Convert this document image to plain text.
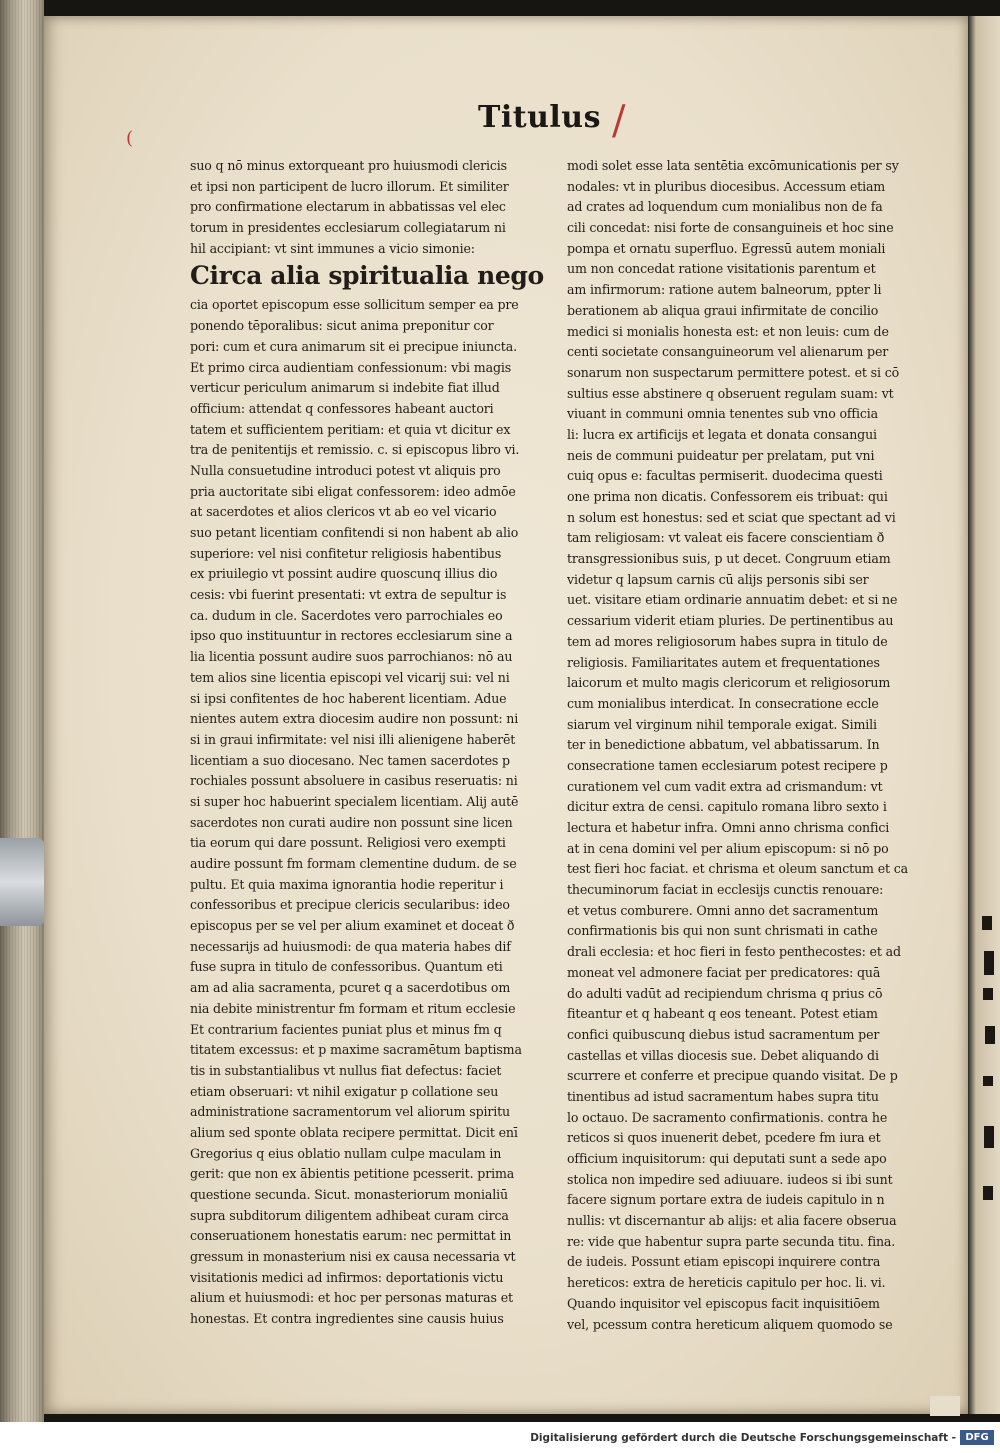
Titulus /
(
suo q nō minus extorqueant pro huiusmodi clericis
et ipsi non participent de lucro illorum. Et similiter
pro confirmatione electarum in abbatissas vel elec
torum in presidentes ecclesiarum collegiatarum ni
hil accipiant: vt sint immunes a vicio simonie:
Circa alia spiritualia nego
cia oportet episcopum esse sollicitum semper ea pre
ponendo tēporalibus: sicut anima preponitur cor
pori: cum et cura animarum sit ei precipue iniuncta.
Et primo circa audientiam confessionum: vbi magis
verticur periculum animarum si indebite fiat illud
officium: attendat q confessores habeant auctori
tatem et sufficientem peritiam: et quia vt dicitur ex
tra de penitentijs et remissio. c. si episcopus libro vi.
Nulla consuetudine introduci potest vt aliquis pro
pria auctoritate sibi eligat confessorem: ideo admōe
at sacerdotes et alios clericos vt ab eo vel vicario
suo petant licentiam confitendi si non habent ab alio
superiore: vel nisi confitetur religiosis habentibus
ex priuilegio vt possint audire quoscunq illius dio
cesis: vbi fuerint presentati: vt extra de sepultur is
ca. dudum in cle. Sacerdotes vero parrochiales eo
ipso quo instituuntur in rectores ecclesiarum sine a
lia licentia possunt audire suos parrochianos: nō au
tem alios sine licentia episcopi vel vicarij sui: vel ni
si ipsi confitentes de hoc haberent licentiam. Adue
nientes autem extra diocesim audire non possunt: ni
si in graui infirmitate: vel nisi illi alienigene haberēt
licentiam a suo diocesano. Nec tamen sacerdotes p
rochiales possunt absoluere in casibus reseruatis: ni
si super hoc habuerint specialem licentiam. Alij autē
sacerdotes non curati audire non possunt sine licen
tia eorum qui dare possunt. Religiosi vero exempti
audire possunt fm formam clementine dudum. de se
pultu. Et quia maxima ignorantia hodie reperitur i
confessoribus et precipue clericis secularibus: ideo
episcopus per se vel per alium examinet et doceat ð
necessarijs ad huiusmodi: de qua materia habes dif
fuse supra in titulo de confessoribus. Quantum eti
am ad alia sacramenta, pcuret q a sacerdotibus om
nia debite ministrentur fm formam et ritum ecclesie
Et contrarium facientes puniat plus et minus fm q
titatem excessus: et p maxime sacramētum baptisma
tis in substantialibus vt nullus fiat defectus: faciet
etiam obseruari: vt nihil exigatur p collatione seu
administratione sacramentorum vel aliorum spiritu
alium sed sponte oblata recipere permittat. Dicit enī
Gregorius q eius oblatio nullam culpe maculam in
gerit: que non ex ābientis petitione pcesserit. prima
questione secunda. Sicut. monasteriorum monialiū
supra subditorum diligentem adhibeat curam circa
conseruationem honestatis earum: nec permittat in
gressum in monasterium nisi ex causa necessaria vt
visitationis medici ad infirmos: deportationis victu
alium et huiusmodi: et hoc per personas maturas et
honestas. Et contra ingredientes sine causis huius
modi solet esse lata sentētia excōmunicationis per sy
nodales: vt in pluribus diocesibus. Accessum etiam
ad crates ad loquendum cum monialibus non de fa
cili concedat: nisi forte de consanguineis et hoc sine
pompa et ornatu superfluo. Egressū autem moniali
um non concedat ratione visitationis parentum et
am infirmorum: ratione autem balneorum, ppter li
berationem ab aliqua graui infirmitate de concilio
medici si monialis honesta est: et non leuis: cum de
centi societate consanguineorum vel alienarum per
sonarum non suspectarum permittere potest. et si cō
sultius esse abstinere q obseruent regulam suam: vt
viuant in communi omnia tenentes sub vno officia
li: lucra ex artificijs et legata et donata consangui
neis de communi puideatur per prelatam, put vni
cuiq opus e: facultas permiserit. duodecima questi
one prima non dicatis. Confessorem eis tribuat: qui
n solum est honestus: sed et sciat que spectant ad vi
tam religiosam: vt valeat eis facere conscientiam ð
transgressionibus suis, p ut decet. Congruum etiam
videtur q lapsum carnis cū alijs personis sibi ser
uet. visitare etiam ordinarie annuatim debet: et si ne
cessarium viderit etiam pluries. De pertinentibus au
tem ad mores religiosorum habes supra in titulo de
religiosis. Familiaritates autem et frequentationes
laicorum et multo magis clericorum et religiosorum
cum monialibus interdicat. In consecratione eccle
siarum vel virginum nihil temporale exigat. Simili
ter in benedictione abbatum, vel abbatissarum. In
consecratione tamen ecclesiarum potest recipere p
curationem vel cum vadit extra ad crismandum: vt
dicitur extra de censi. capitulo romana libro sexto i
lectura et habetur infra. Omni anno chrisma confici
at in cena domini vel per alium episcopum: si nō po
test fieri hoc faciat. et chrisma et oleum sanctum et ca
thecuminorum faciat in ecclesijs cunctis renouare:
et vetus comburere. Omni anno det sacramentum
confirmationis bis qui non sunt chrismati in cathe
drali ecclesia: et hoc fieri in festo penthecostes: et ad
moneat vel admonere faciat per predicatores: quā
do adulti vadūt ad recipiendum chrisma q prius cō
fiteantur et q habeant q eos teneant. Potest etiam
confici quibuscunq diebus istud sacramentum per
castellas et villas diocesis sue. Debet aliquando di
scurrere et conferre et precipue quando visitat. De p
tinentibus ad istud sacramentum habes supra titu
lo octauo. De sacramento confirmationis. contra he
reticos si quos inuenerit debet, pcedere fm iura et
officium inquisitorum: qui deputati sunt a sede apo
stolica non impedire sed adiuuare. iudeos si ibi sunt
facere signum portare extra de iudeis capitulo in n
nullis: vt discernantur ab alijs: et alia facere obserua
re: vide que habentur supra parte secunda titu. fina.
de iudeis. Possunt etiam episcopi inquirere contra
hereticos: extra de hereticis capitulo per hoc. li. vi.
Quando inquisitor vel episcopus facit inquisitiōem
vel, pcessum contra hereticum aliquem quomodo se
Digitalisierung gefördert durch die Deutsche Forschungsgemeinschaft - DFG
